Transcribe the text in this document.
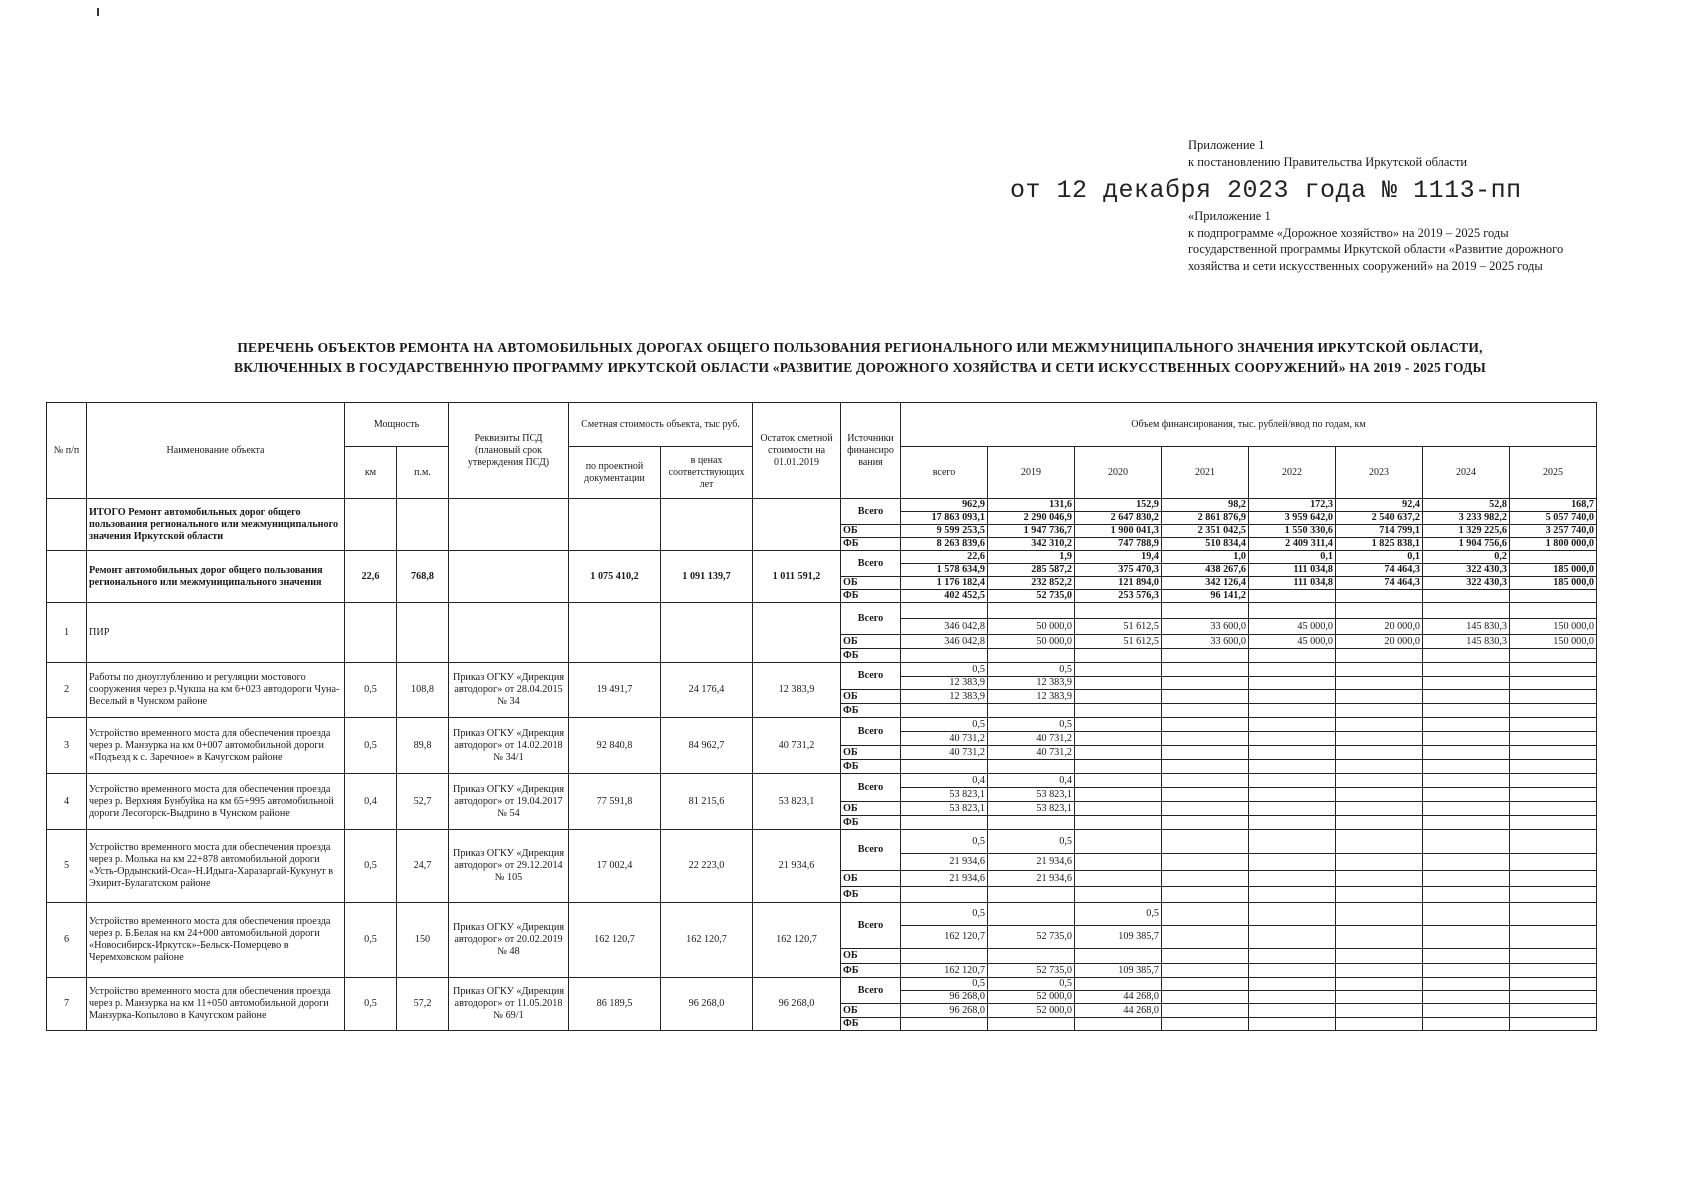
Приложение 1
к постановлению Правительства Иркутской области
от 12 декабря 2023 года № 1113-пп
«Приложение 1
к подпрограмме «Дорожное хозяйство» на 2019 – 2025 годы государственной программы Иркутской области «Развитие дорожного хозяйства и сети искусственных сооружений» на 2019 – 2025 годы
ПЕРЕЧЕНЬ ОБЪЕКТОВ РЕМОНТА НА АВТОМОБИЛЬНЫХ ДОРОГАХ ОБЩЕГО ПОЛЬЗОВАНИЯ РЕГИОНАЛЬНОГО ИЛИ МЕЖМУНИЦИПАЛЬНОГО ЗНАЧЕНИЯ ИРКУТСКОЙ ОБЛАСТИ,
ВКЛЮЧЕННЫХ В ГОСУДАРСТВЕННУЮ ПРОГРАММУ ИРКУТСКОЙ ОБЛАСТИ «РАЗВИТИЕ ДОРОЖНОГО ХОЗЯЙСТВА И СЕТИ ИСКУССТВЕННЫХ СООРУЖЕНИЙ» НА 2019 - 2025 ГОДЫ
№ п/п	Наименование объекта	Мощность		Реквизиты ПСД (плановый срок утверждения ПСД)	Сметная стоимость объекта, тыс руб.		Остаток сметной стоимости на 01.01.2019	Источники финансиро вания	Объем финансирования, тыс. рублей/ввод по годам, км							
		км	п.м.		по проектной документации	в ценах соответствующих лет			всего	2019	2020	2021	2022	2023	2024	2025
	ИТОГО Ремонт автомобильных дорог общего пользования регионального или межмуниципального значения Иркутской области							Всего	962,9	131,6	152,9	98,2	172,3	92,4	52,8	168,7
									17 863 093,1	2 290 046,9	2 647 830,2	2 861 876,9	3 959 642,0	2 540 637,2	3 233 982,2	5 057 740,0
								ОБ	9 599 253,5	1 947 736,7	1 900 041,3	2 351 042,5	1 550 330,6	714 799,1	1 329 225,6	3 257 740,0
								ФБ	8 263 839,6	342 310,2	747 788,9	510 834,4	2 409 311,4	1 825 838,1	1 904 756,6	1 800 000,0
	Ремонт автомобильных дорог общего пользования регионального или межмуниципального значения	22,6	768,8		1 075 410,2	1 091 139,7	1 011 591,2	Всего	22,6	1,9	19,4	1,0	0,1	0,1	0,2	
									1 578 634,9	285 587,2	375 470,3	438 267,6	111 034,8	74 464,3	322 430,3	185 000,0
								ОБ	1 176 182,4	232 852,2	121 894,0	342 126,4	111 034,8	74 464,3	322 430,3	185 000,0
								ФБ	402 452,5	52 735,0	253 576,3	96 141,2				
1	ПИР							Всего								
									346 042,8	50 000,0	51 612,5	33 600,0	45 000,0	20 000,0	145 830,3	150 000,0
								ОБ	346 042,8	50 000,0	51 612,5	33 600,0	45 000,0	20 000,0	145 830,3	150 000,0
								ФБ								
2	Работы по дноуглублению и регуляции мостового сооружения через р.Чукша на км 6+023 автодороги Чуна-Веселый в Чунском районе	0,5	108,8	Приказ ОГКУ «Дирекция автодорог» от 28.04.2015 № 34	19 491,7	24 176,4	12 383,9	Всего	0,5	0,5						
									12 383,9	12 383,9						
								ОБ	12 383,9	12 383,9						
								ФБ								
3	Устройство временного моста для обеспечения проезда через р. Манзурка на км 0+007 автомобильной дороги «Подъезд к с. Заречное» в Качугском районе	0,5	89,8	Приказ ОГКУ «Дирекция автодорог» от 14.02.2018 № 34/1	92 840,8	84 962,7	40 731,2	Всего	0,5	0,5						
									40 731,2	40 731,2						
								ОБ	40 731,2	40 731,2						
								ФБ								
4	Устройство временного моста для обеспечения проезда через р. Верхняя Бунбуйка на км 65+995 автомобильной дороги Лесогорск-Выдрино в Чунском районе	0,4	52,7	Приказ ОГКУ «Дирекция автодорог» от 19.04.2017 № 54	77 591,8	81 215,6	53 823,1	Всего	0,4	0,4						
									53 823,1	53 823,1						
								ОБ	53 823,1	53 823,1						
								ФБ								
5	Устройство временного моста для обеспечения проезда через р. Молька на км 22+878 автомобильной дороги «Усть-Ордынский-Оса»-Н.Идыга-Харазаргай-Кукунут в Эхирит-Булагатском районе	0,5	24,7	Приказ ОГКУ «Дирекция автодорог» от 29.12.2014 № 105	17 002,4	22 223,0	21 934,6	Всего	0,5	0,5						
									21 934,6	21 934,6						
								ОБ	21 934,6	21 934,6						
								ФБ								
6	Устройство временного моста для обеспечения проезда через р. Б.Белая на км 24+000 автомобильной дороги «Новосибирск-Иркутск»-Бельск-Померцево в Черемховском районе	0,5	150	Приказ ОГКУ «Дирекция автодорог» от 20.02.2019 № 48	162 120,7	162 120,7	162 120,7	Всего	0,5		0,5					
									162 120,7	52 735,0	109 385,7					
								ОБ								
								ФБ	162 120,7	52 735,0	109 385,7					
7	Устройство временного моста для обеспечения проезда через р. Манзурка на км 11+050 автомобильной дороги Манзурка-Копылово в Качугском районе	0,5	57,2	Приказ ОГКУ «Дирекция автодорог» от 11.05.2018 № 69/1	86 189,5	96 268,0	96 268,0	Всего	0,5	0,5						
									96 268,0	52 000,0	44 268,0					
								ОБ	96 268,0	52 000,0	44 268,0					
								ФБ								
